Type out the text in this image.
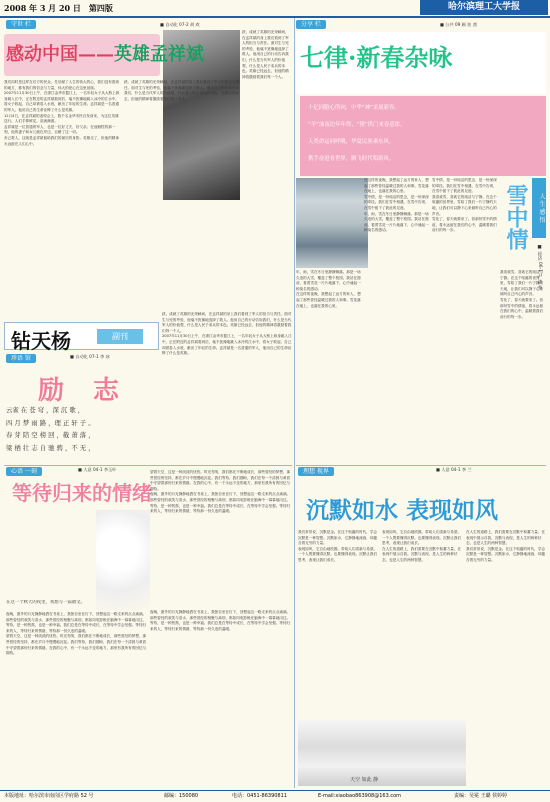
2008 年 3 月 20 日　第四版	哈尔滨理工大学报
守世 栏	■ 自动化 07-2 胡 欢
感动中国——英雄孟祥斌

我们同时是这样在后方的民众，先后献了人生的伟大的心，我们没有看到的地方，都有我们的信念与力量，伟大的爱心在这里延续。

2007年11月30日上午，在浙江金华市婺江上，一名年轻女子从大桥上纵身跳入江中，正在附近的孟祥斌看到后，毫不犹豫地跳入冰冷的江水中，将女子救起，自己却被卷入水底，献出了年轻的生命。孟祥斌是一名普通的军人，他用自己的生命诠释了什么是英雄。

12月4日，在孟祥斌的追悼会上，数千名金华市民自发前来，为这位英雄送行。人们手捧鲜花，泪流满面。

孟祥斌是一位普通的军人，也是一位好丈夫，好父亲。在他牺牲的那一刻，他的妻子和女儿就在岸边，目睹了这一切。

舍己救人，这就是孟祥斌留给我们的最后的身影。英雄走了，但他的精神永远留在人们心中。

跃，成就了英雄的光荣瞬间，在孟祥斌的身上我们看到了军人的担当与责任。面对生与死的考验，他毫不犹豫地选择了救人。他用自己的行动告诉我们，什么是当代军人的价值观，什么是人民子弟兵的本色。英雄已经远去，但他的精神将激励着我们每一个人。

跃，成就了英雄的光荣瞬间，在孟祥斌的身上我们看到了军人的担当与责任。面对生与死的考验，他毫不犹豫地选择了救人。他用自己的行动告诉我们，什么是当代军人的价值观，什么是人民子弟兵的本色。英雄已经远去，但他的精神将激励着我们每一个人。

钻天杨	副刊

跃，成就了英雄的光荣瞬间，在孟祥斌的身上我们看到了军人的担当与责任。面对生与死的考验，他毫不犹豫地选择了救人。他用自己的行动告诉我们，什么是当代军人的价值观，什么是人民子弟兵的本色。英雄已经远去，但他的精神将激励着我们每一个人。

2007年11月30日上午，在浙江金华市婺江上，一名年轻女子从大桥上纵身跳入江中，正在附近的孟祥斌看到后，毫不犹豫地跳入冰冷的江水中，将女子救起，自己却被卷入水底，献出了年轻的生命。孟祥斌是一名普通的军人，他用自己的生命诠释了什么是英雄。

珍语 馆	■ 自动化 07-1 李 冰
励 志
云雀 在 苍 穹 ，深 沉 歌 ，
四 月 梦 雨 路 ，理 正 轩 子 。
春 芽 陪 空 榜 回 ，截 萧 落 ，
梁 栖 壮 志 自 驰 骋 ，不 无 ，
心语 一刻	■ 人意 04-1 李玉叶
等待归来的情绪
在这一个秋天的夜里，我想写一篇散文。

夜晚，窗外的月光静静地洒在书桌上，我独自坐在灯下，回想起这一路走来的点点滴滴。那些曾经的欢笑与泪水，那些曾经的相聚与离别，都如同电影般在脑海中一幕幕地闪过。等待，是一种煎熬，也是一种幸福。我们总是在等待中成长，在等待中学会坚强。等待归来的人，等待归来的情绪，等待那一份久违的温暖。

望着天空，这是一种淡淡的忧伤。时光匆匆，我们都在不断地成长，那些曾经的梦想，那些曾经的坚持，都在岁月中慢慢地沉淀。我们等待，我们期盼，我们在每一个清晨与黄昏中守望着那份归来的情绪。在我的心中，有一个永远不变的地方，那里有我所有的回忆与期待。

望着天空，这是一种淡淡的忧伤。时光匆匆，我们都在不断地成长，那些曾经的梦想，那些曾经的坚持，都在岁月中慢慢地沉淀。我们等待，我们期盼，我们在每一个清晨与黄昏中守望着那份归来的情绪。在我的心中，有一个永远不变的地方，那里有我所有的回忆与期待。

夜晚，窗外的月光静静地洒在书桌上，我独自坐在灯下，回想起这一路走来的点点滴滴。那些曾经的欢笑与泪水，那些曾经的相聚与离别，都如同电影般在脑海中一幕幕地闪过。等待，是一种煎熬，也是一种幸福。我们总是在等待中成长，在等待中学会坚强。等待归来的人，等待归来的情绪，等待那一份久违的温暖。

夜晚，窗外的月光静静地洒在书桌上，我独自坐在灯下，回想起这一路走来的点点滴滴。那些曾经的欢笑与泪水，那些曾经的相聚与离别，都如同电影般在脑海中一幕幕地闪过。等待，是一种煎熬，也是一种幸福。我们总是在等待中成长，在等待中学会坚强。等待归来的人，等待归来的情绪，等待那一份久违的温暖。

分享 栏	■ 公共 09 顾 怡 茜
七律·新春杂咏
十亿同胞心所向，中华“神”采展新容。
“羊”油南边年年得，“猪”拱门来春意浓。
人类命运同呼吸，华夏民族乘东风。
携手奋进看世界，腾飞时代唱新风。

年，雨，雪在冬日里静静飘落。那是一场久违的大雪，覆盖了整个校园。我站在窗前，看着雪花一片片地落下，心中涌起一种莫名的感动。

在这样的夜晚，我想起了远方的家人，想起了那些曾经温暖过我的人和事。雪花落在地上，也落在我的心里。

在这样的夜晚，我想起了远方的家人，想起了那些曾经温暖过我的人和事。雪花落在地上，也落在我的心里。

雪中情，是一份纯洁的思念，是一份深深的牵挂。我们在雪中相遇，在雪中告别，在雪中留下了彼此的足迹。

年，雨，雪在冬日里静静飘落。那是一场久违的大雪，覆盖了整个校园。我站在窗前，看着雪花一片片地落下，心中涌起一种莫名的感动。

雪中情，是一份纯洁的思念，是一份深深的牵挂。我们在雪中相遇，在雪中告别，在雪中留下了彼此的足迹。

我喜欢雪，喜欢它的纯洁与宁静。在这个喧嚣的世界里，雪给了我们一片宁静的天地，让我们可以静下心来倾听自己内心的声音。

雪化了，春天就要来了。但那份雪中的情谊，将永远留在我们的心中，温暖着我们前行的每一步。

我喜欢雪，喜欢它的纯洁与宁静。在这个喧嚣的世界里，雪给了我们一片宁静的天地，让我们可以静下心来倾听自己内心的声音。

雪化了，春天就要来了。但那份雪中的情谊，将永远留在我们的心中，温暖着我们前行的每一步。

人 生 感 悟
雪中情
■ 经济 06-1 尹 清 秀
理想 视界	■ 人意 04-1 李 兰
沉默如水 表现如风

我们常常说，沉默是金。在这个喧嚣的时代，学会沉默是一种智慧。沉默如水，它静静地流淌，却蕴含着无穷的力量。

表现如风，它自由地吹拂，带给人们清新与希望。一个人既要懂得沉默，也要懂得表现。沉默让我们思考，表现让我们成长。

表现如风，它自由地吹拂，带给人们清新与希望。一个人既要懂得沉默，也要懂得表现。沉默让我们思考，表现让我们成长。

在人生的道路上，我们需要在沉默中积蓄力量，在表现中展示自我。沉默与表现，是人生的两种状态，也是人生的两种智慧。

在人生的道路上，我们需要在沉默中积蓄力量，在表现中展示自我。沉默与表现，是人生的两种状态，也是人生的两种智慧。

我们常常说，沉默是金。在这个喧嚣的时代，学会沉默是一种智慧。沉默如水，它静静地流淌，却蕴含着无穷的力量。

天空 如此 静
本版地址：哈尔滨市南岗区学府路 52 号	邮编：150080	电话：0451-86390811	E-mail:xiaobao863908@163.com	责编：吴冕 王璐 侯婷婷
